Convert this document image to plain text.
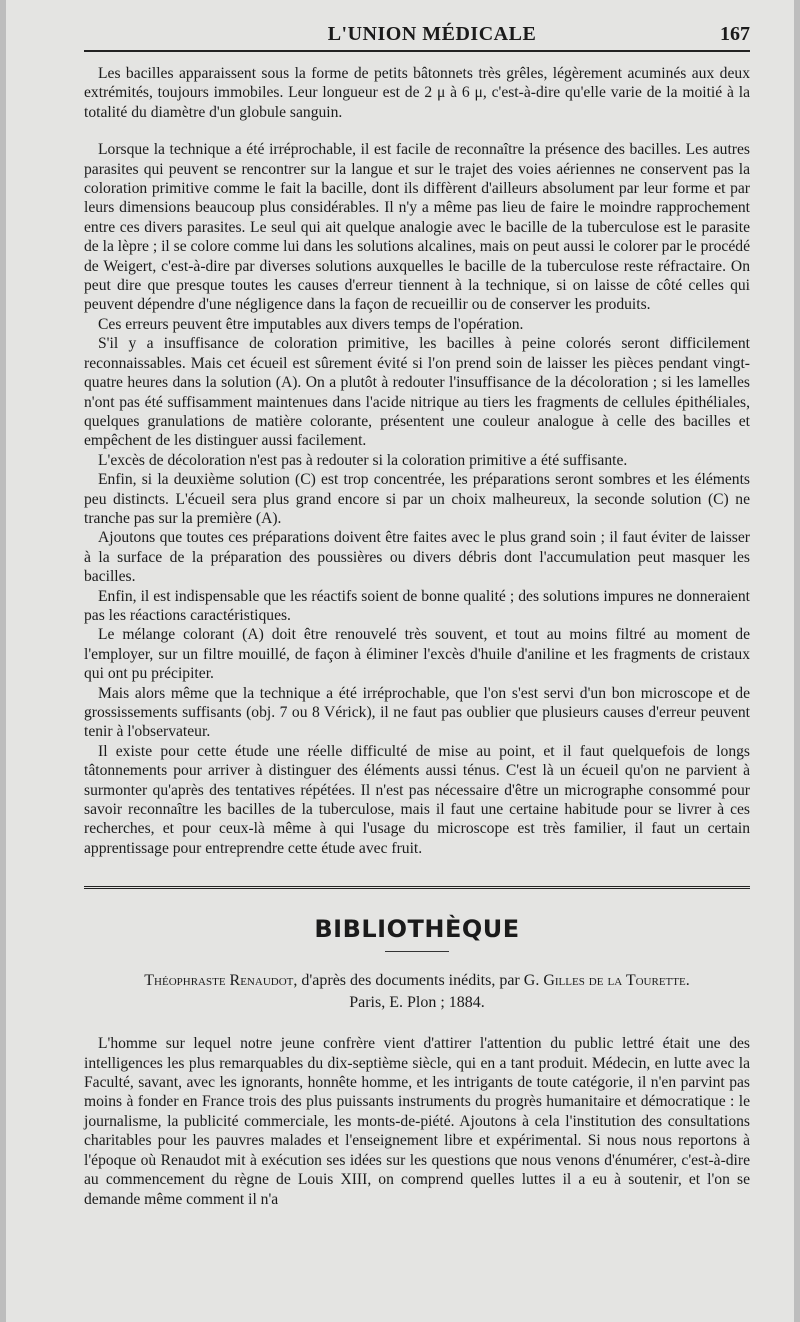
L'UNION MÉDICALE	167

Les bacilles apparaissent sous la forme de petits bâtonnets très grêles, légèrement acuminés aux deux extrémités, toujours immobiles. Leur longueur est de 2 μ à 6 μ, c'est-à-dire qu'elle varie de la moitié à la totalité du diamètre d'un globule sanguin.

Lorsque la technique a été irréprochable, il est facile de reconnaître la présence des bacilles. Les autres parasites qui peuvent se rencontrer sur la langue et sur le trajet des voies aériennes ne conservent pas la coloration primitive comme le fait la bacille, dont ils diffèrent d'ailleurs absolument par leur forme et par leurs dimensions beaucoup plus considérables. Il n'y a même pas lieu de faire le moindre rapprochement entre ces divers parasites. Le seul qui ait quelque analogie avec le bacille de la tuberculose est le parasite de la lèpre ; il se colore comme lui dans les solutions alcalines, mais on peut aussi le colorer par le procédé de Weigert, c'est-à-dire par diverses solutions auxquelles le bacille de la tuberculose reste réfractaire. On peut dire que presque toutes les causes d'erreur tiennent à la technique, si on laisse de côté celles qui peuvent dépendre d'une négligence dans la façon de recueillir ou de conserver les produits.

Ces erreurs peuvent être imputables aux divers temps de l'opération.

S'il y a insuffisance de coloration primitive, les bacilles à peine colorés seront difficilement reconnaissables. Mais cet écueil est sûrement évité si l'on prend soin de laisser les pièces pendant vingt-quatre heures dans la solution (A). On a plutôt à redouter l'insuffisance de la décoloration ; si les lamelles n'ont pas été suffisamment maintenues dans l'acide nitrique au tiers les fragments de cellules épithéliales, quelques granulations de matière colorante, présentent une couleur analogue à celle des bacilles et empêchent de les distinguer aussi facilement.

L'excès de décoloration n'est pas à redouter si la coloration primitive a été suffisante.

Enfin, si la deuxième solution (C) est trop concentrée, les préparations seront sombres et les éléments peu distincts. L'écueil sera plus grand encore si par un choix malheureux, la seconde solution (C) ne tranche pas sur la première (A).

Ajoutons que toutes ces préparations doivent être faites avec le plus grand soin ; il faut éviter de laisser à la surface de la préparation des poussières ou divers débris dont l'accumulation peut masquer les bacilles.

Enfin, il est indispensable que les réactifs soient de bonne qualité ; des solutions impures ne donneraient pas les réactions caractéristiques.

Le mélange colorant (A) doit être renouvelé très souvent, et tout au moins filtré au moment de l'employer, sur un filtre mouillé, de façon à éliminer l'excès d'huile d'aniline et les fragments de cristaux qui ont pu précipiter.

Mais alors même que la technique a été irréprochable, que l'on s'est servi d'un bon microscope et de grossissements suffisants (obj. 7 ou 8 Vérick), il ne faut pas oublier que plusieurs causes d'erreur peuvent tenir à l'observateur.

Il existe pour cette étude une réelle difficulté de mise au point, et il faut quelquefois de longs tâtonnements pour arriver à distinguer des éléments aussi ténus. C'est là un écueil qu'on ne parvient à surmonter qu'après des tentatives répétées. Il n'est pas nécessaire d'être un micrographe consommé pour savoir reconnaître les bacilles de la tuberculose, mais il faut une certaine habitude pour se livrer à ces recherches, et pour ceux-là même à qui l'usage du microscope est très familier, il faut un certain apprentissage pour entreprendre cette étude avec fruit.

BIBLIOTHÈQUE
Théophraste Renaudot, d'après des documents inédits, par G. Gilles de la Tourette.
Paris, E. Plon ; 1884.

L'homme sur lequel notre jeune confrère vient d'attirer l'attention du public lettré était une des intelligences les plus remarquables du dix-septième siècle, qui en a tant produit. Médecin, en lutte avec la Faculté, savant, avec les ignorants, honnête homme, et les intrigants de toute catégorie, il n'en parvint pas moins à fonder en France trois des plus puissants instruments du progrès humanitaire et démocratique : le journalisme, la publicité commerciale, les monts-de-piété. Ajoutons à cela l'institution des consultations charitables pour les pauvres malades et l'enseignement libre et expérimental. Si nous nous reportons à l'époque où Renaudot mit à exécution ses idées sur les questions que nous venons d'énumérer, c'est-à-dire au commencement du règne de Louis XIII, on comprend quelles luttes il a eu à soutenir, et l'on se demande même comment il n'a
